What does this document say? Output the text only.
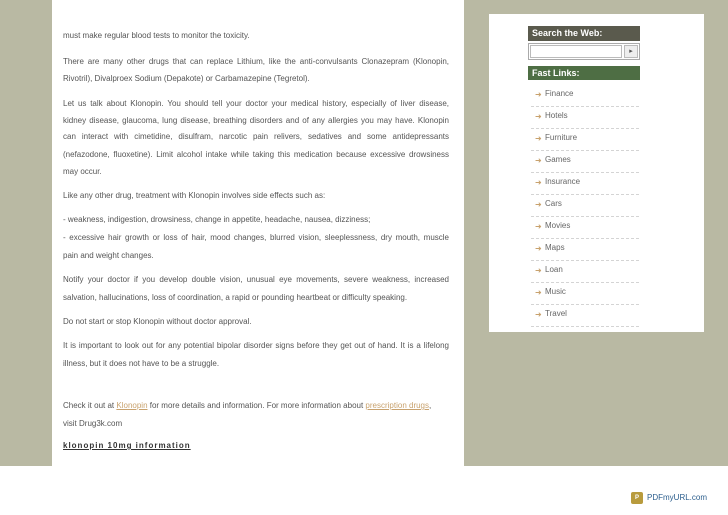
must make regular blood tests to monitor the toxicity.
There are many other drugs that can replace Lithium, like the anti-convulsants Clonazepram (Klonopin,
Rivotril), Divalproex Sodium (Depakote) or Carbamazepine (Tegretol).
Let us talk about Klonopin. You should tell your doctor your medical history, especially of liver disease,
kidney disease, glaucoma, lung disease, breathing disorders and of any allergies you may have. Klonopin
can interact with cimetidine, disulfram, narcotic pain relivers, sedatives and some antidepressants
(nefazodone, fluoxetine). Limit alcohol intake while taking this medication because excessive drowsiness
may occur.
Like any other drug, treatment with Klonopin involves side effects such as:
- weakness, indigestion, drowsiness, change in appetite, headache, nausea, dizziness;
- excessive hair growth or loss of hair, mood changes, blurred vision, sleeplessness, dry mouth, muscle
pain and weight changes.
Notify your doctor if you develop double vision, unusual eye movements, severe weakness, increased
salvation, hallucinations, loss of coordination, a rapid or pounding heartbeat or difficulty speaking.
Do not start or stop Klonopin without doctor approval.
It is important to look out for any potential bipolar disorder signs before they get out of hand. It is a lifelong
illness, but it does not have to be a struggle.
Check it out at Klonopin for more details and information. For more information about prescription drugs,
visit Drug3k.com
klonopin 10mg information
Search the Web:
▸
Fast Links:
➜ Finance
➜ Hotels
➜ Furniture
➜ Games
➜ Insurance
➜ Cars
➜ Movies
➜ Maps
➜ Loan
➜ Music
➜ Travel
P	PDFmyURL.com
